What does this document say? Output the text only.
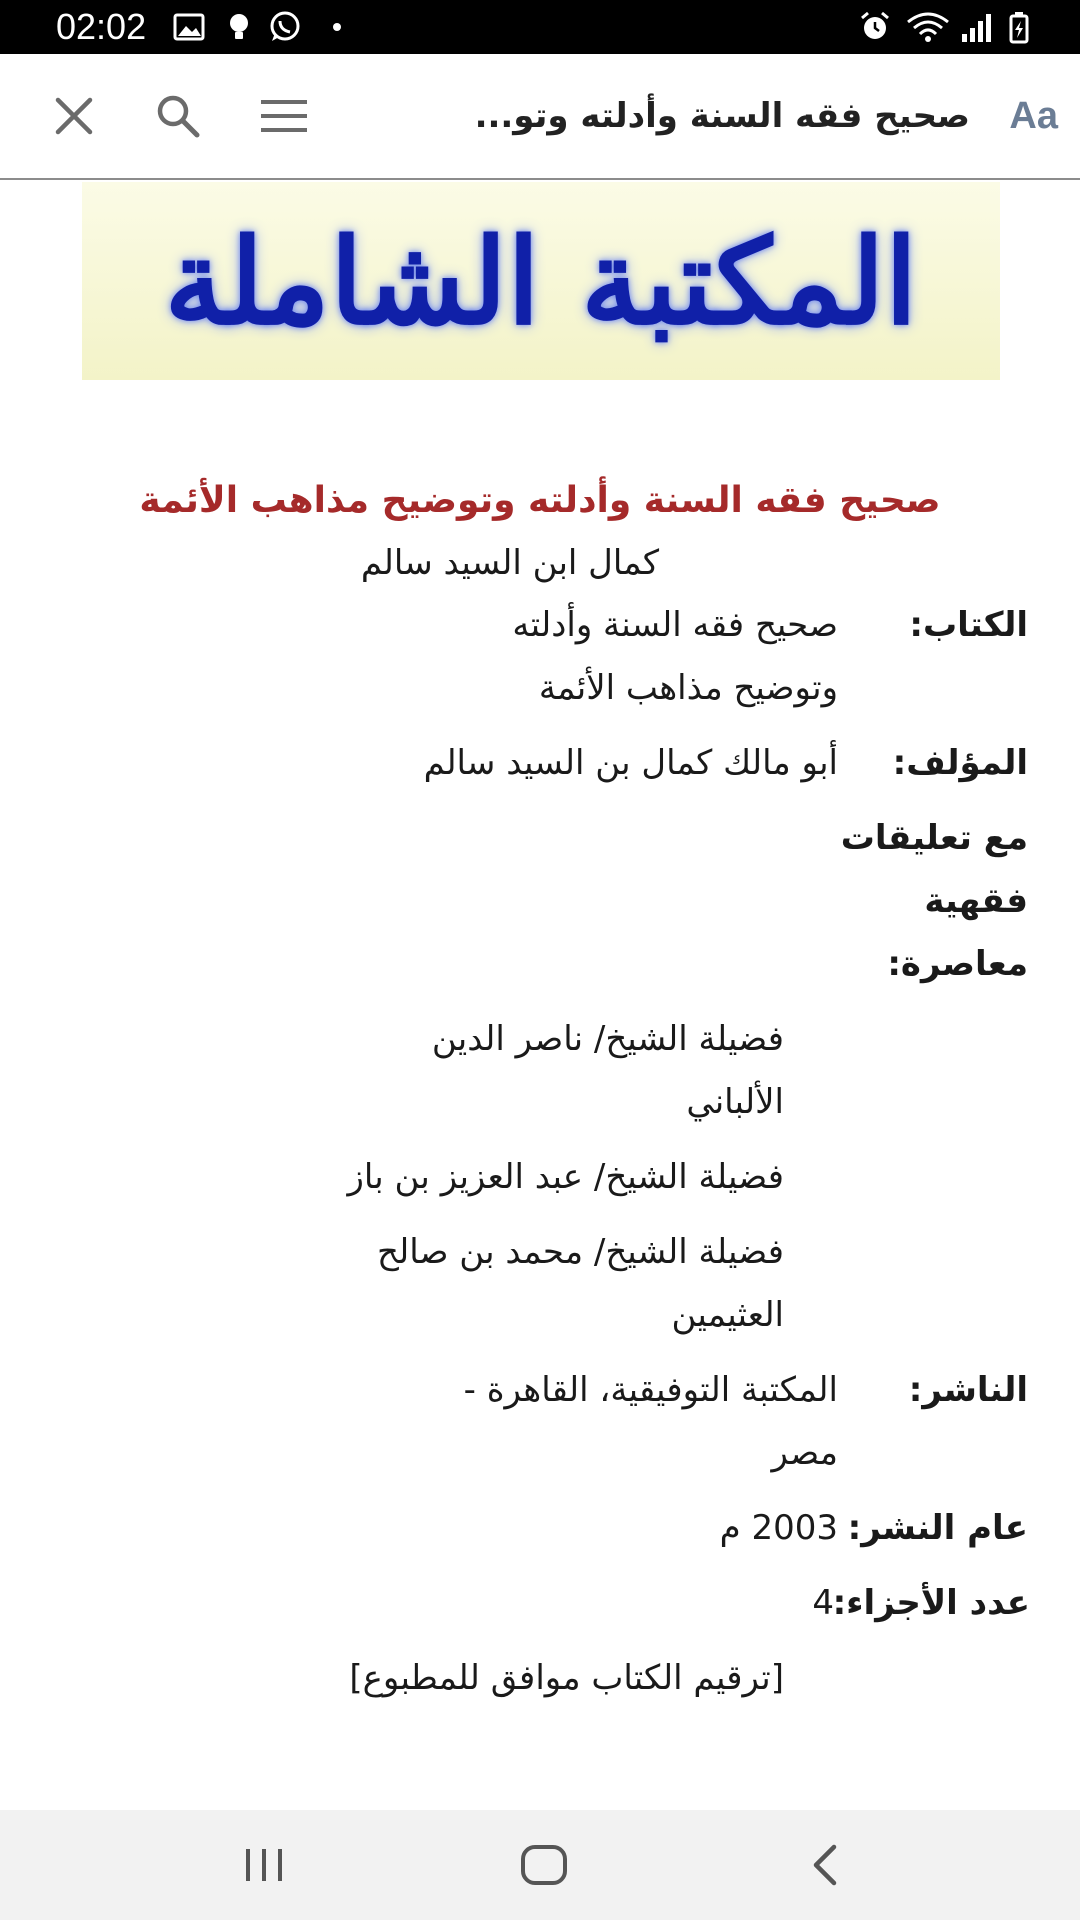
02:02
صحيح فقه السنة وأدلته وتو... Aa
المكتبة الشاملة
صحيح فقه السنة وأدلته وتوضيح مذاهب الأئمة
كمال ابن السيد سالم
الكتاب:
صحيح فقه السنة وأدلته وتوضيح مذاهب الأئمة
المؤلف:
أبو مالك كمال بن السيد سالم
مع تعليقات فقهية معاصرة:
فضيلة الشيخ/ ناصر الدين الألباني
فضيلة الشيخ/ عبد العزيز بن باز
فضيلة الشيخ/ محمد بن صالح العثيمين
الناشر:
المكتبة التوفيقية، القاهرة - مصر
عام النشر:
2003 م
عدد الأجزاء:
4
[ترقيم الكتاب موافق للمطبوع]
